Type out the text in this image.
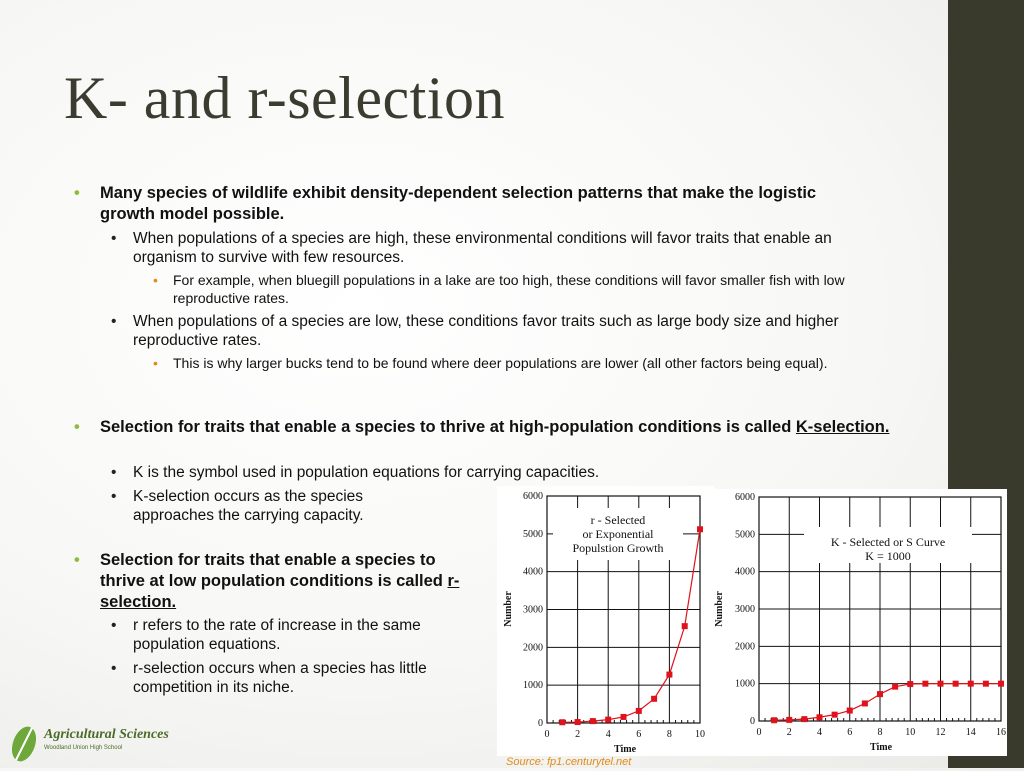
K- and r-selection
• Many species of wildlife exhibit density-dependent selection patterns that make the logistic growth model possible.
• When populations of a species are high, these environmental conditions will favor traits that enable an organism to survive with few resources.
• For example, when bluegill populations in a lake are too high, these conditions will favor smaller fish with low reproductive rates.
• When populations of a species are low, these conditions favor traits such as large body size and higher reproductive rates.
• This is why larger bucks tend to be found where deer populations are lower (all other factors being equal).
• Selection for traits that enable a species to thrive at high-population conditions is called K-selection.
• K is the symbol used in population equations for carrying capacities.
• K-selection occurs as the species approaches the carrying capacity.
• Selection for traits that enable a species to thrive at low population conditions is called r-selection.
• r refers to the rate of increase in the same population equations.
• r-selection occurs when a species has little competition in its niche.
Time
Number
0	2	4	6	8 10
0
1000
2000
3000
4000
5000
6000
r - Selected
or Exponential
Populstion Growth
Time
Number
0	2	4	6	8 10 12 14 16
0
1000
2000
3000
4000
5000
6000
K - Selected or S Curve
K = 1000
Source: fp1.centurytel.net
Agricultural Sciences
Woodland Union High School
